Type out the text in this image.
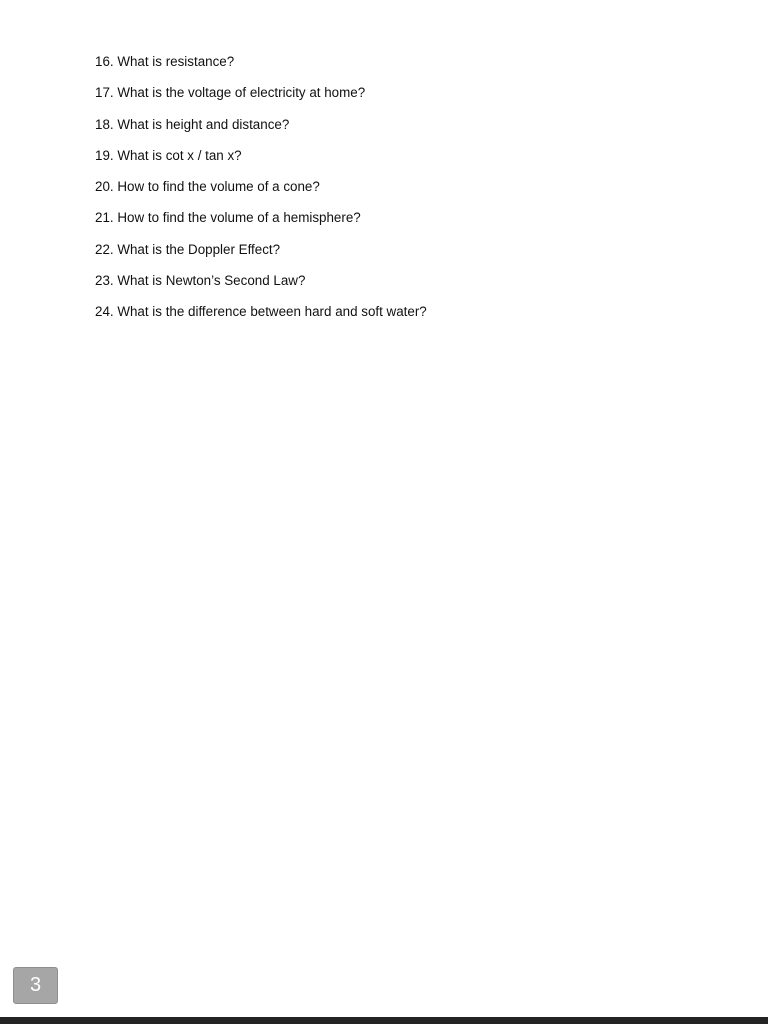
16. What is resistance?
17. What is the voltage of electricity at home?
18. What is height and distance?
19. What is cot x / tan x?
20. How to find the volume of a cone?
21. How to find the volume of a hemisphere?
22. What is the Doppler Effect?
23. What is Newton’s Second Law?
24. What is the difference between hard and soft water?
3
